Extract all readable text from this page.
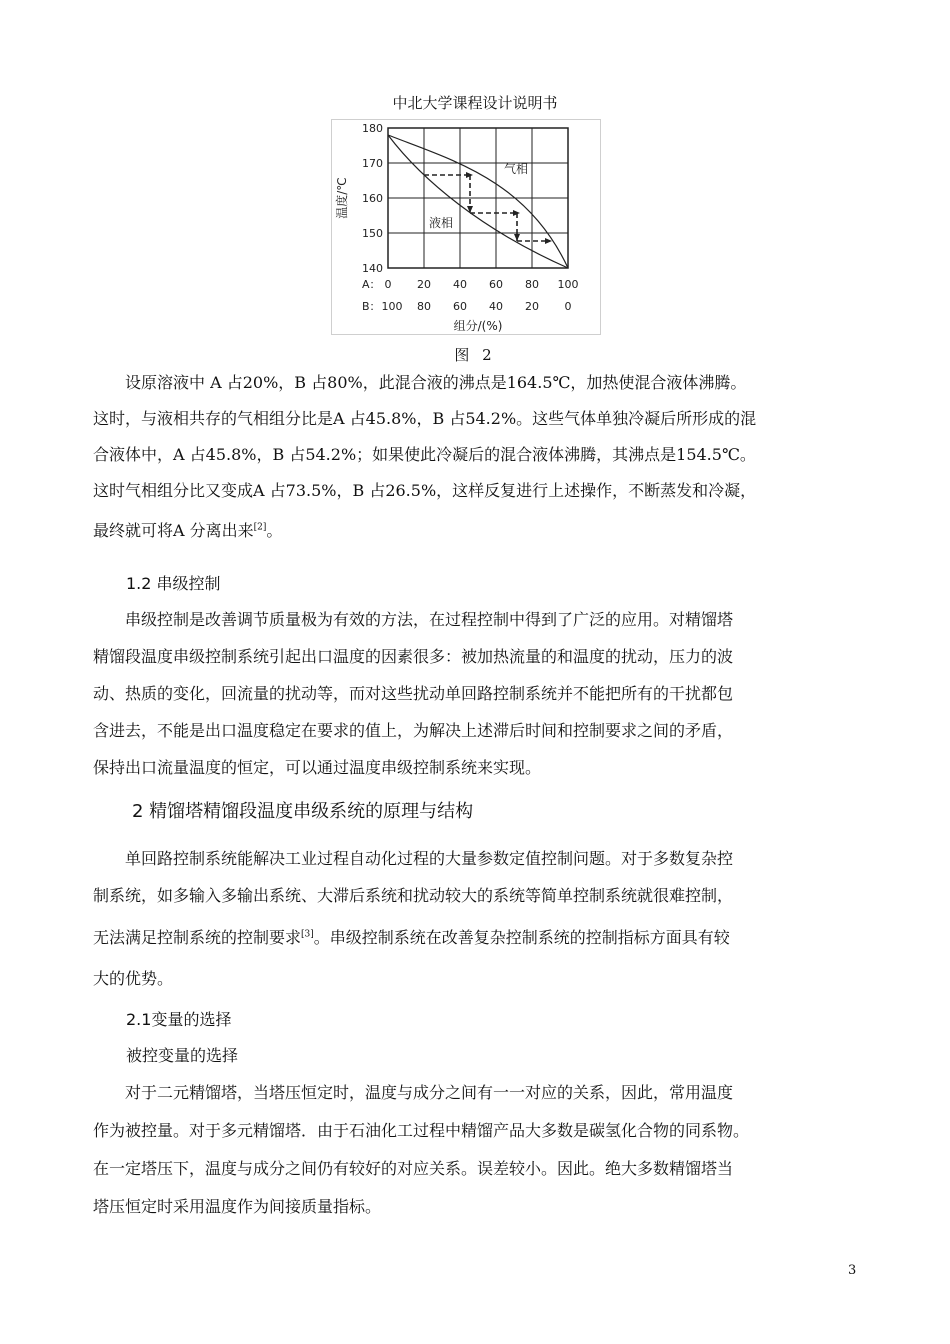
中北大学课程设计说明书
180
170
160
150
140
温度/℃
气相
液相
A： 0 20 40 60 80 100
B： 100 80 60 40 20 0
组分/(%)
图 2
设原溶液中 A 占20%，B 占80%，此混合液的沸点是164.5℃，加热使混合液体沸腾。
这时，与液相共存的气相组分比是A 占45.8%，B 占54.2%。这些气体单独冷凝后所形成的混
合液体中，A 占45.8%，B 占54.2%；如果使此冷凝后的混合液体沸腾，其沸点是154.5℃。
这时气相组分比又变成A 占73.5%，B 占26.5%，这样反复进行上述操作，不断蒸发和冷凝，
最终就可将A 分离出来[2]。
1.2 串级控制
串级控制是改善调节质量极为有效的方法，在过程控制中得到了广泛的应用。对精馏塔
精馏段温度串级控制系统引起出口温度的因素很多：被加热流量的和温度的扰动，压力的波
动、热质的变化，回流量的扰动等，而对这些扰动单回路控制系统并不能把所有的干扰都包
含进去，不能是出口温度稳定在要求的值上，为解决上述滞后时间和控制要求之间的矛盾，
保持出口流量温度的恒定，可以通过温度串级控制系统来实现。
2 精馏塔精馏段温度串级系统的原理与结构
单回路控制系统能解决工业过程自动化过程的大量参数定值控制问题。对于多数复杂控
制系统，如多输入多输出系统、大滞后系统和扰动较大的系统等简单控制系统就很难控制，
无法满足控制系统的控制要求[3]。串级控制系统在改善复杂控制系统的控制指标方面具有较
大的优势。
2.1变量的选择
被控变量的选择
对于二元精馏塔，当塔压恒定时，温度与成分之间有一一对应的关系，因此，常用温度
作为被控量。对于多元精馏塔．由于石油化工过程中精馏产品大多数是碳氢化合物的同系物。
在一定塔压下，温度与成分之间仍有较好的对应关系。误差较小。因此。绝大多数精馏塔当
塔压恒定时采用温度作为间接质量指标。
3
